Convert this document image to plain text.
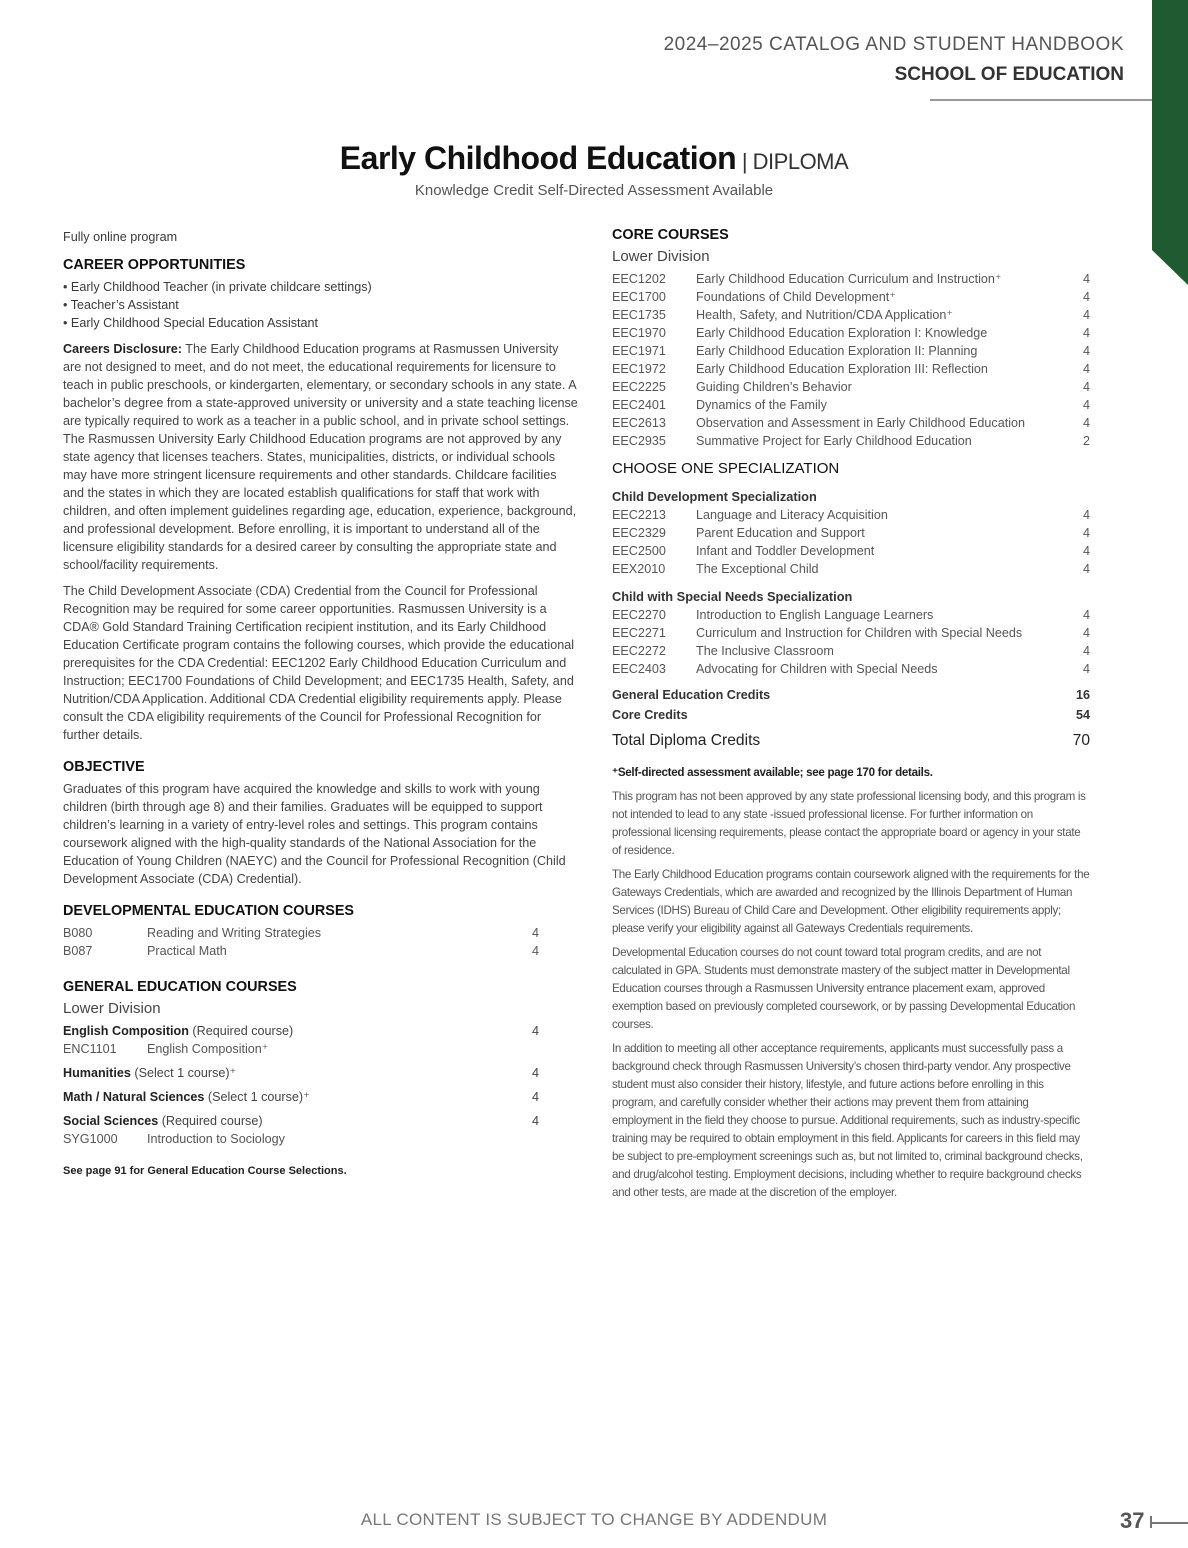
2024–2025 CATALOG AND STUDENT HANDBOOK
SCHOOL OF EDUCATION
Early Childhood Education | DIPLOMA
Knowledge Credit Self-Directed Assessment Available
Fully online program
CAREER OPPORTUNITIES
• Early Childhood Teacher (in private childcare settings)
• Teacher’s Assistant
• Early Childhood Special Education Assistant

Careers Disclosure: The Early Childhood Education programs at Rasmussen University are not designed to meet, and do not meet, the educational requirements for licensure to teach in public preschools, or kindergarten, elementary, or secondary schools in any state. A bachelor’s degree from a state-approved university or university and a state teaching license are typically required to work as a teacher in a public school, and in private school settings. The Rasmussen University Early Childhood Education programs are not approved by any state agency that licenses teachers. States, municipalities, districts, or individual schools may have more stringent licensure requirements and other standards. Childcare facilities and the states in which they are located establish qualifications for staff that work with children, and often implement guidelines regarding age, education, experience, background, and professional development. Before enrolling, it is important to understand all of the licensure eligibility standards for a desired career by consulting the appropriate state and school/facility requirements.

The Child Development Associate (CDA) Credential from the Council for Professional Recognition may be required for some career opportunities. Rasmussen University is a CDA® Gold Standard Training Certification recipient institution, and its Early Childhood Education Certificate program contains the following courses, which provide the educational prerequisites for the CDA Credential: EEC1202 Early Childhood Education Curriculum and Instruction; EEC1700 Foundations of Child Development; and EEC1735 Health, Safety, and Nutrition/CDA Application. Additional CDA Credential eligibility requirements apply. Please consult the CDA eligibility requirements of the Council for Professional Recognition for further details.

OBJECTIVE

Graduates of this program have acquired the knowledge and skills to work with young children (birth through age 8) and their families. Graduates will be equipped to support children’s learning in a variety of entry-level roles and settings. This program contains coursework aligned with the high-quality standards of the National Association for the Education of Young Children (NAEYC) and the Council for Professional Recognition (Child Development Associate (CDA) Credential).

DEVELOPMENTAL EDUCATION COURSES
B080	Reading and Writing Strategies	4
B087	Practical Math	4
GENERAL EDUCATION COURSES
Lower Division
English Composition (Required course)	4
ENC1101	English Composition⁺
Humanities (Select 1 course)⁺	4
Math / Natural Sciences (Select 1 course)⁺	4
Social Sciences (Required course)	4
SYG1000	Introduction to Sociology
See page 91 for General Education Course Selections.
CORE COURSES
Lower Division
EEC1202	Early Childhood Education Curriculum and Instruction⁺	4
EEC1700	Foundations of Child Development⁺	4
EEC1735	Health, Safety, and Nutrition/CDA Application⁺	4
EEC1970	Early Childhood Education Exploration I: Knowledge	4
EEC1971	Early Childhood Education Exploration II: Planning	4
EEC1972	Early Childhood Education Exploration III: Reflection	4
EEC2225	Guiding Children’s Behavior	4
EEC2401	Dynamics of the Family	4
EEC2613	Observation and Assessment in Early Childhood Education	4
EEC2935	Summative Project for Early Childhood Education	2
CHOOSE ONE SPECIALIZATION
Child Development Specialization
EEC2213	Language and Literacy Acquisition	4
EEC2329	Parent Education and Support	4
EEC2500	Infant and Toddler Development	4
EEX2010	The Exceptional Child	4
Child with Special Needs Specialization
EEC2270	Introduction to English Language Learners	4
EEC2271	Curriculum and Instruction for Children with Special Needs	4
EEC2272	The Inclusive Classroom	4
EEC2403	Advocating for Children with Special Needs	4
General Education Credits	16
Core Credits	54
Total Diploma Credits	70
⁺Self-directed assessment available; see page 170 for details.

This program has not been approved by any state professional licensing body, and this program is not intended to lead to any state -issued professional license. For further information on professional licensing requirements, please contact the appropriate board or agency in your state of residence.

The Early Childhood Education programs contain coursework aligned with the requirements for the Gateways Credentials, which are awarded and recognized by the Illinois Department of Human Services (IDHS) Bureau of Child Care and Development. Other eligibility requirements apply; please verify your eligibility against all Gateways Credentials requirements.

Developmental Education courses do not count toward total program credits, and are not calculated in GPA. Students must demonstrate mastery of the subject matter in Developmental Education courses through a Rasmussen University entrance placement exam, approved exemption based on previously completed coursework, or by passing Developmental Education courses.

In addition to meeting all other acceptance requirements, applicants must successfully pass a background check through Rasmussen University’s chosen third-party vendor. Any prospective student must also consider their history, lifestyle, and future actions before enrolling in this program, and carefully consider whether their actions may prevent them from attaining employment in the field they choose to pursue. Additional requirements, such as industry-specific training may be required to obtain employment in this field. Applicants for careers in this field may be subject to pre-employment screenings such as, but not limited to, criminal background checks, and drug/alcohol testing. Employment decisions, including whether to require background checks and other tests, are made at the discretion of the employer.

ALL CONTENT IS SUBJECT TO CHANGE BY ADDENDUM	37
